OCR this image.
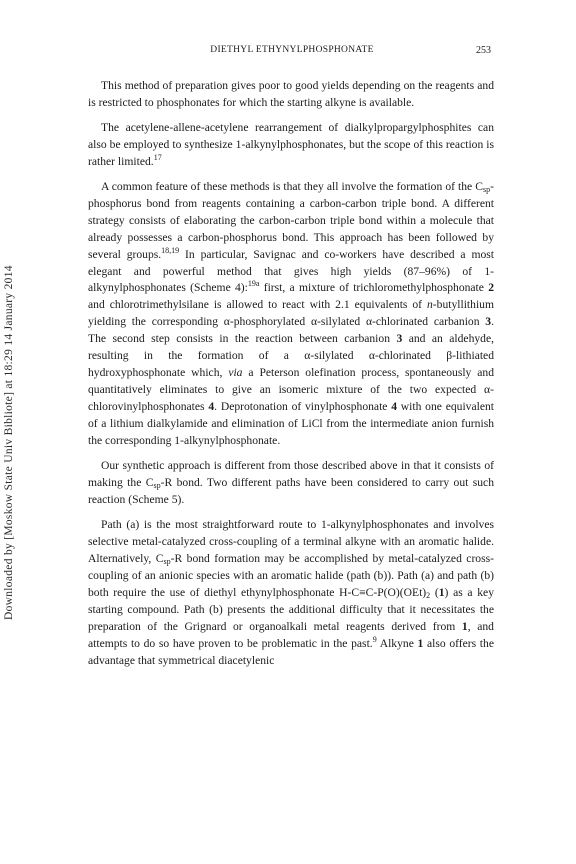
DIETHYL ETHYNYLPHOSPHONATE	253
Downloaded by [Moskow State Univ Bibliote] at 18:29 14 January 2014

This method of preparation gives poor to good yields depending on the reagents and is restricted to phosphonates for which the starting alkyne is available.

The acetylene-allene-acetylene rearrangement of dialkylpropargylphosphites can also be employed to synthesize 1-alkynylphosphonates, but the scope of this reaction is rather limited.$^{17}$

A common feature of these methods is that they all involve the formation of the $C_{sp}-$ phosphorus bond from reagents containing a carbon-carbon triple bond. A different strategy consists of elaborating the carbon-carbon triple bond within a molecule that already possesses a carbon-phosphorus bond. This approach has been followed by several groups.$^{18,19}$ In particular, Savignac and co-workers have described a most elegant and powerful method that gives high yields (87–96%) of 1-alkynylphosphonates (Scheme 4):$^{19a}$ first, a mixture of trichloromethylphosphonate 2 and chlorotrimethylsilane is allowed to react with 2.1 equivalents of n-butyllithium yielding the corresponding α-phosphorylated α-silylated α-chlorinated carbanion 3. The second step consists in the reaction between carbanion 3 and an aldehyde, resulting in the formation of a α-silylated α-chlorinated β-lithiated hydroxyphosphonate which, via a Peterson olefination process, spontaneously and quantitatively eliminates to give an isomeric mixture of the two expected α-chlorovinylphosphonates 4. Deprotonation of vinylphosphonate 4 with one equivalent of a lithium dialkylamide and elimination of LiCl from the intermediate anion furnish the corresponding 1-alkynylphosphonate.

Our synthetic approach is different from those described above in that it consists of making the $C_{sp}-R$ bond. Two different paths have been considered to carry out such reaction (Scheme 5).

Path (a) is the most straightforward route to 1-alkynylphosphonates and involves selective metal-catalyzed cross-coupling of a terminal alkyne with an aromatic halide. Alternatively, $C_{sp}-R$ bond formation may be accomplished by metal-catalyzed cross-coupling of an anionic species with an aromatic halide (path (b)). Path (a) and path (b) both require the use of diethyl ethynylphosphonate $H-C\equiv C-P(O)(OEt)_2$ (1) as a key starting compound. Path (b) presents the additional difficulty that it necessitates the preparation of the Grignard or organoalkali metal reagents derived from 1, and attempts to do so have proven to be problematic in the past.$^9$ Alkyne 1 also offers the advantage that symmetrical diacetylenic
